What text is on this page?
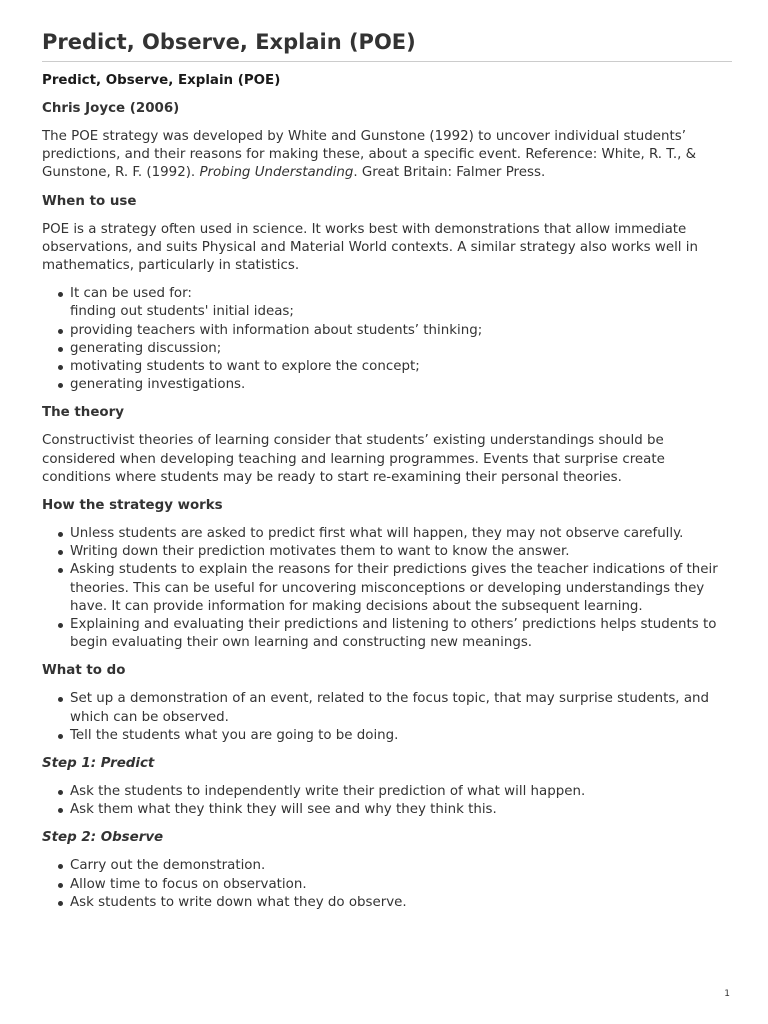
Predict, Observe, Explain (POE)
Predict, Observe, Explain (POE)
Chris Joyce (2006)

The POE strategy was developed by White and Gunstone (1992) to uncover individual students’ predictions, and their reasons for making these, about a specific event. Reference: White, R. T., & Gunstone, R. F. (1992). Probing Understanding. Great Britain: Falmer Press.

When to use

POE is a strategy often used in science. It works best with demonstrations that allow immediate observations, and suits Physical and Material World contexts. A similar strategy also works well in mathematics, particularly in statistics.

It can be used for:
finding out students' initial ideas;
providing teachers with information about students’ thinking;
generating discussion;
motivating students to want to explore the concept;
generating investigations.
The theory

Constructivist theories of learning consider that students’ existing understandings should be considered when developing teaching and learning programmes. Events that surprise create conditions where students may be ready to start re-examining their personal theories.

How the strategy works
Unless students are asked to predict first what will happen, they may not observe carefully.
Writing down their prediction motivates them to want to know the answer.
Asking students to explain the reasons for their predictions gives the teacher indications of their theories. This can be useful for uncovering misconceptions or developing understandings they have. It can provide information for making decisions about the subsequent learning.
Explaining and evaluating their predictions and listening to others’ predictions helps students to begin evaluating their own learning and constructing new meanings.
What to do
Set up a demonstration of an event, related to the focus topic, that may surprise students, and which can be observed.
Tell the students what you are going to be doing.
Step 1: Predict
Ask the students to independently write their prediction of what will happen.
Ask them what they think they will see and why they think this.
Step 2: Observe
Carry out the demonstration.
Allow time to focus on observation.
Ask students to write down what they do observe.
1
